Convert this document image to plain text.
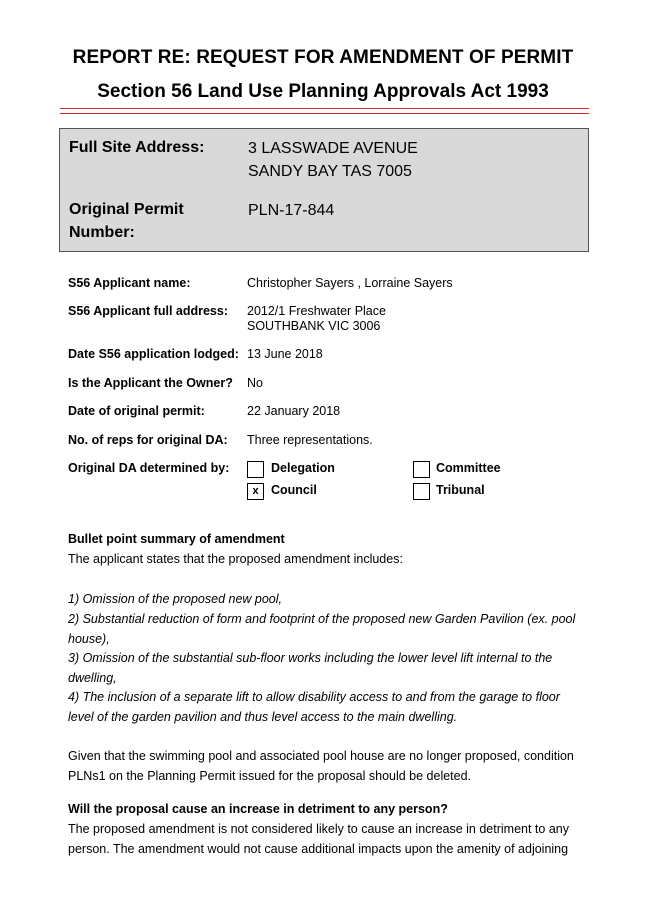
REPORT RE: REQUEST FOR AMENDMENT OF PERMIT
Section 56 Land Use Planning Approvals Act 1993
Full Site Address:	3 LASSWADE AVENUE
SANDY BAY TAS 7005
Original Permit
Number:
PLN-17-844
S56 Applicant name:	Christopher Sayers , Lorraine Sayers
S56 Applicant full address: 2012/1 Freshwater Place
SOUTHBANK VIC 3006
Date S56 application lodged: 13 June 2018
Is the Applicant the Owner? No
Date of original permit:	22 January 2018
No. of reps for original DA: Three representations.
Original DA determined by:	Delegation	Committee
x Council	Tribunal
Bullet point summary of amendment
The applicant states that the proposed amendment includes:
1) Omission of the proposed new pool,
2) Substantial reduction of form and footprint of the proposed new Garden Pavilion (ex. pool house),
3) Omission of the substantial sub-floor works including the lower level lift internal to the dwelling,
4) The inclusion of a separate lift to allow disability access to and from the garage to floor level of the garden pavilion and thus level access to the main dwelling.
Given that the swimming pool and associated pool house are no longer proposed, condition PLNs1 on the Planning Permit issued for the proposal should be deleted.
Will the proposal cause an increase in detriment to any person?
The proposed amendment is not considered likely to cause an increase in detriment to any person. The amendment would not cause additional impacts upon the amenity of adjoining
